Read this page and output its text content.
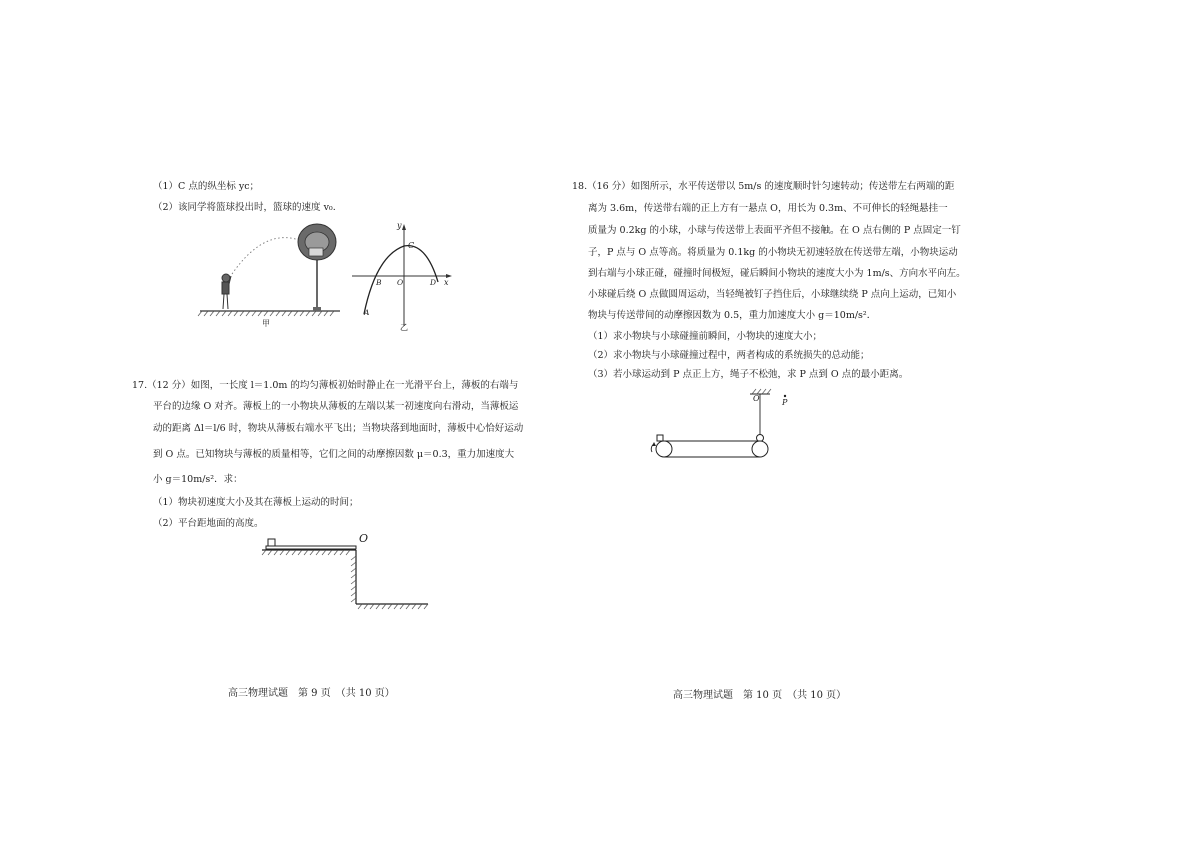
（1）C 点的纵坐标 yc；
（2）该同学将篮球投出时，篮球的速度 v₀.
甲
y
x
C
B O	D
A
乙
17.（12 分）如图，一长度 l＝1.0m 的均匀薄板初始时静止在一光滑平台上，薄板的右端与
平台的边缘 O 对齐。薄板上的一小物块从薄板的左端以某一初速度向右滑动，当薄板运
动的距离 Δl＝l/6 时，物块从薄板右端水平飞出；当物块落到地面时，薄板中心恰好运动
到 O 点。已知物块与薄板的质量相等，它们之间的动摩擦因数 μ＝0.3，重力加速度大
小 g＝10m/s²．求：
（1）物块初速度大小及其在薄板上运动的时间；
（2）平台距地面的高度。
O
高三物理试题　第 9 页　（共 10 页）
18.（16 分）如图所示，水平传送带以 5m/s 的速度顺时针匀速转动；传送带左右两端的距
离为 3.6m，传送带右端的正上方有一悬点 O，用长为 0.3m、不可伸长的轻绳悬挂一
质量为 0.2kg 的小球，小球与传送带上表面平齐但不接触。在 O 点右侧的 P 点固定一钉
子，P 点与 O 点等高。将质量为 0.1kg 的小物块无初速轻放在传送带左端，小物块运动
到右端与小球正碰，碰撞时间极短，碰后瞬间小物块的速度大小为 1m/s、方向水平向左。
小球碰后绕 O 点做圆周运动，当轻绳被钉子挡住后，小球继续绕 P 点向上运动，已知小
物块与传送带间的动摩擦因数为 0.5，重力加速度大小 g＝10m/s²．
（1）求小物块与小球碰撞前瞬间，小物块的速度大小；
（2）求小物块与小球碰撞过程中，两者构成的系统损失的总动能；
（3）若小球运动到 P 点正上方，绳子不松弛，求 P 点到 O 点的最小距离。
O	P
高三物理试题　第 10 页　（共 10 页）
